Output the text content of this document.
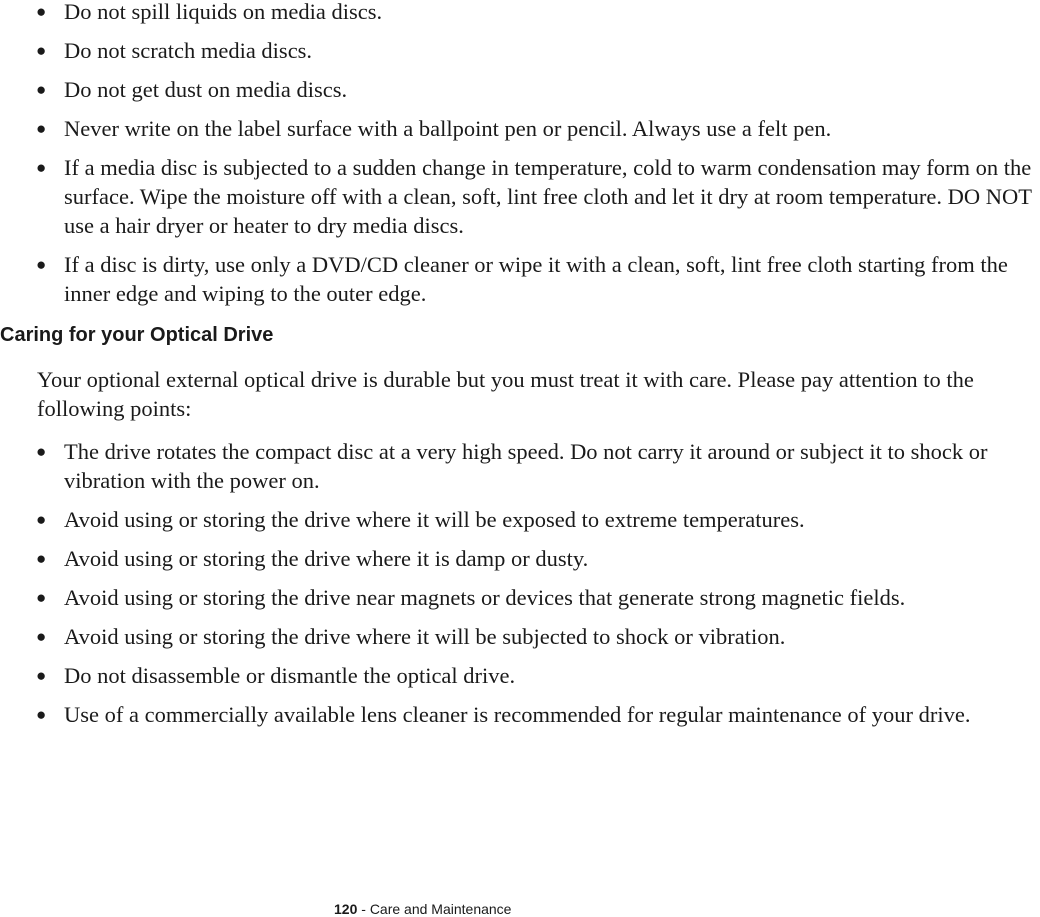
● Do not spill liquids on media discs.
● Do not scratch media discs.
● Do not get dust on media discs.
● Never write on the label surface with a ballpoint pen or pencil. Always use a felt pen.
● If a media disc is subjected to a sudden change in temperature, cold to warm condensation may form on the surface. Wipe the moisture off with a clean, soft, lint free cloth and let it dry at room temperature. DO NOT use a hair dryer or heater to dry media discs.
● If a disc is dirty, use only a DVD/CD cleaner or wipe it with a clean, soft, lint free cloth starting from the inner edge and wiping to the outer edge.
Caring for your Optical Drive

Your optional external optical drive is durable but you must treat it with care. Please pay attention to the following points:

● The drive rotates the compact disc at a very high speed. Do not carry it around or subject it to shock or vibration with the power on.
● Avoid using or storing the drive where it will be exposed to extreme temperatures.
● Avoid using or storing the drive where it is damp or dusty.
● Avoid using or storing the drive near magnets or devices that generate strong magnetic fields.
● Avoid using or storing the drive where it will be subjected to shock or vibration.
● Do not disassemble or dismantle the optical drive.
● Use of a commercially available lens cleaner is recommended for regular maintenance of your drive.
120 - Care and Maintenance
